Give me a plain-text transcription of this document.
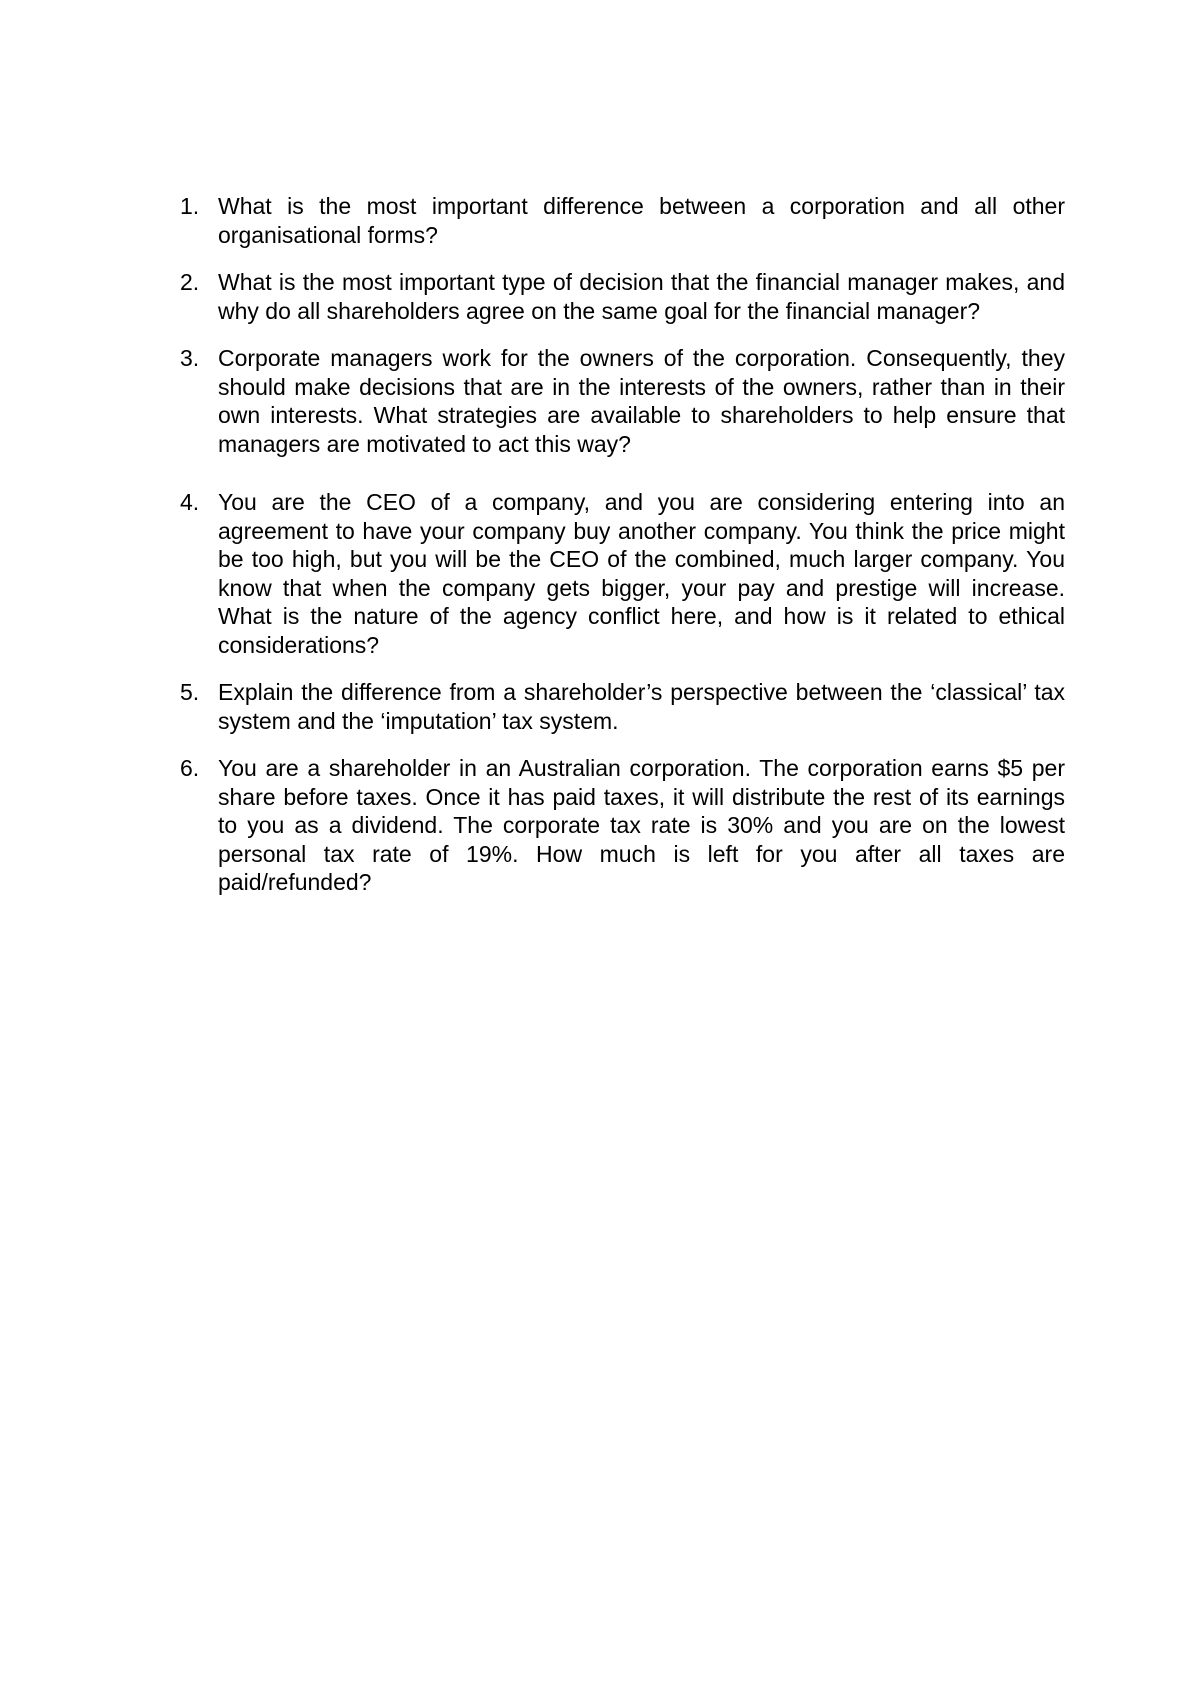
1. What is the most important difference between a corporation and all other organisational forms?
2. What is the most important type of decision that the financial manager makes, and why do all shareholders agree on the same goal for the financial manager?
3. Corporate managers work for the owners of the corporation. Consequently, they should make decisions that are in the interests of the owners, rather than in their own interests. What strategies are available to shareholders to help ensure that managers are motivated to act this way?
4. You are the CEO of a company, and you are considering entering into an agreement to have your company buy another company. You think the price might be too high, but you will be the CEO of the combined, much larger company. You know that when the company gets bigger, your pay and prestige will increase. What is the nature of the agency conflict here, and how is it related to ethical considerations?
5. Explain the difference from a shareholder’s perspective between the ‘classical’ tax system and the ‘imputation’ tax system.
6. You are a shareholder in an Australian corporation. The corporation earns $5 per share before taxes. Once it has paid taxes, it will distribute the rest of its earnings to you as a dividend. The corporate tax rate is 30% and you are on the lowest personal tax rate of 19%. How much is left for you after all taxes are paid/refunded?
